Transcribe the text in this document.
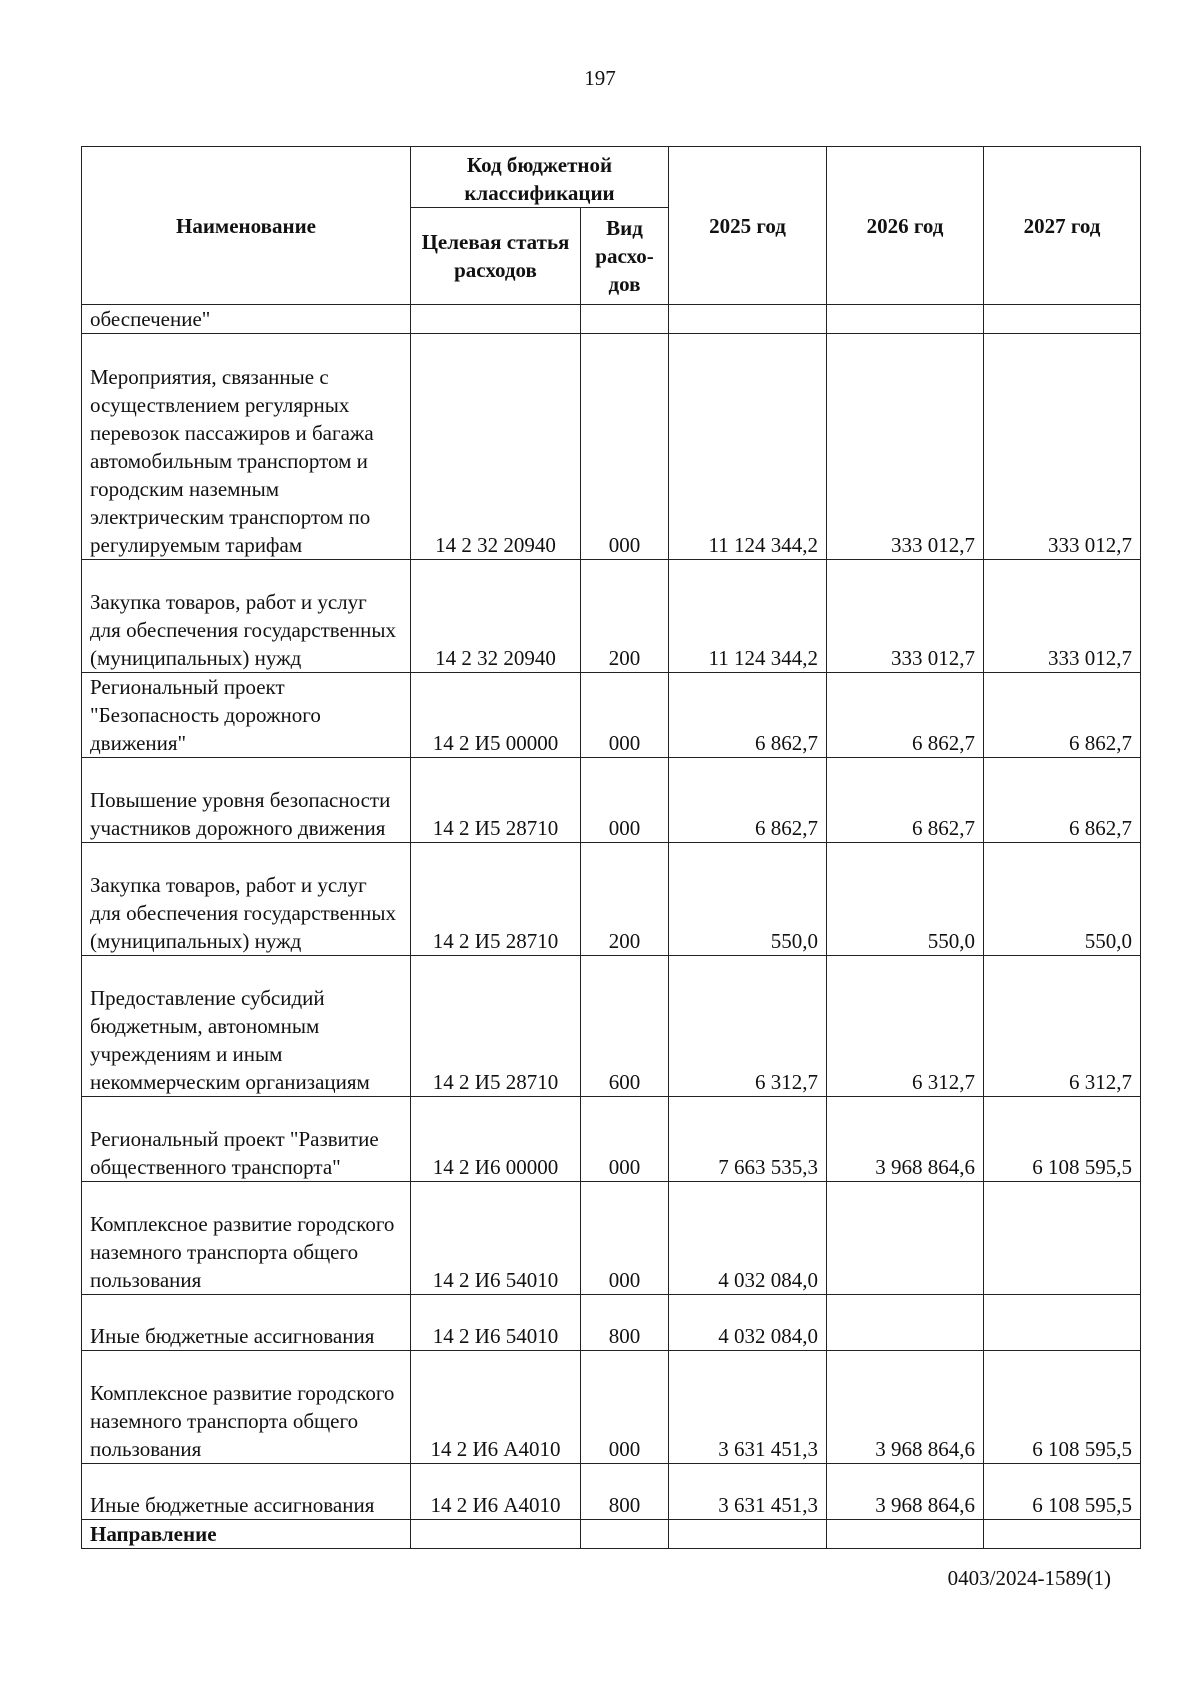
197
Наименование	Код бюджетной классификации		2025 год	2026 год	2027 год
	Целевая статья расходов	Вид расхо-дов			
обеспечение"					
Мероприятия, связанные с осуществлением регулярных перевозок пассажиров и багажа автомобильным транспортом и городским наземным электрическим транспортом по регулируемым тарифам	14 2 32 20940	000	11 124 344,2	333 012,7	333 012,7
Закупка товаров, работ и услуг для обеспечения государственных (муниципальных) нужд	14 2 32 20940	200	11 124 344,2	333 012,7	333 012,7
Региональный проект "Безопасность дорожного движения"	14 2 И5 00000	000	6 862,7	6 862,7	6 862,7
Повышение уровня безопасности участников дорожного движения	14 2 И5 28710	000	6 862,7	6 862,7	6 862,7
Закупка товаров, работ и услуг для обеспечения государственных (муниципальных) нужд	14 2 И5 28710	200	550,0	550,0	550,0
Предоставление субсидий бюджетным, автономным учреждениям и иным некоммерческим организациям	14 2 И5 28710	600	6 312,7	6 312,7	6 312,7
Региональный проект "Развитие общественного транспорта"	14 2 И6 00000	000	7 663 535,3	3 968 864,6	6 108 595,5
Комплексное развитие городского наземного транспорта общего пользования	14 2 И6 54010	000	4 032 084,0		
Иные бюджетные ассигнования	14 2 И6 54010	800	4 032 084,0		
Комплексное развитие городского наземного транспорта общего пользования	14 2 И6 А4010	000	3 631 451,3	3 968 864,6	6 108 595,5
Иные бюджетные ассигнования	14 2 И6 А4010	800	3 631 451,3	3 968 864,6	6 108 595,5
Направление					
0403/2024-1589(1)
